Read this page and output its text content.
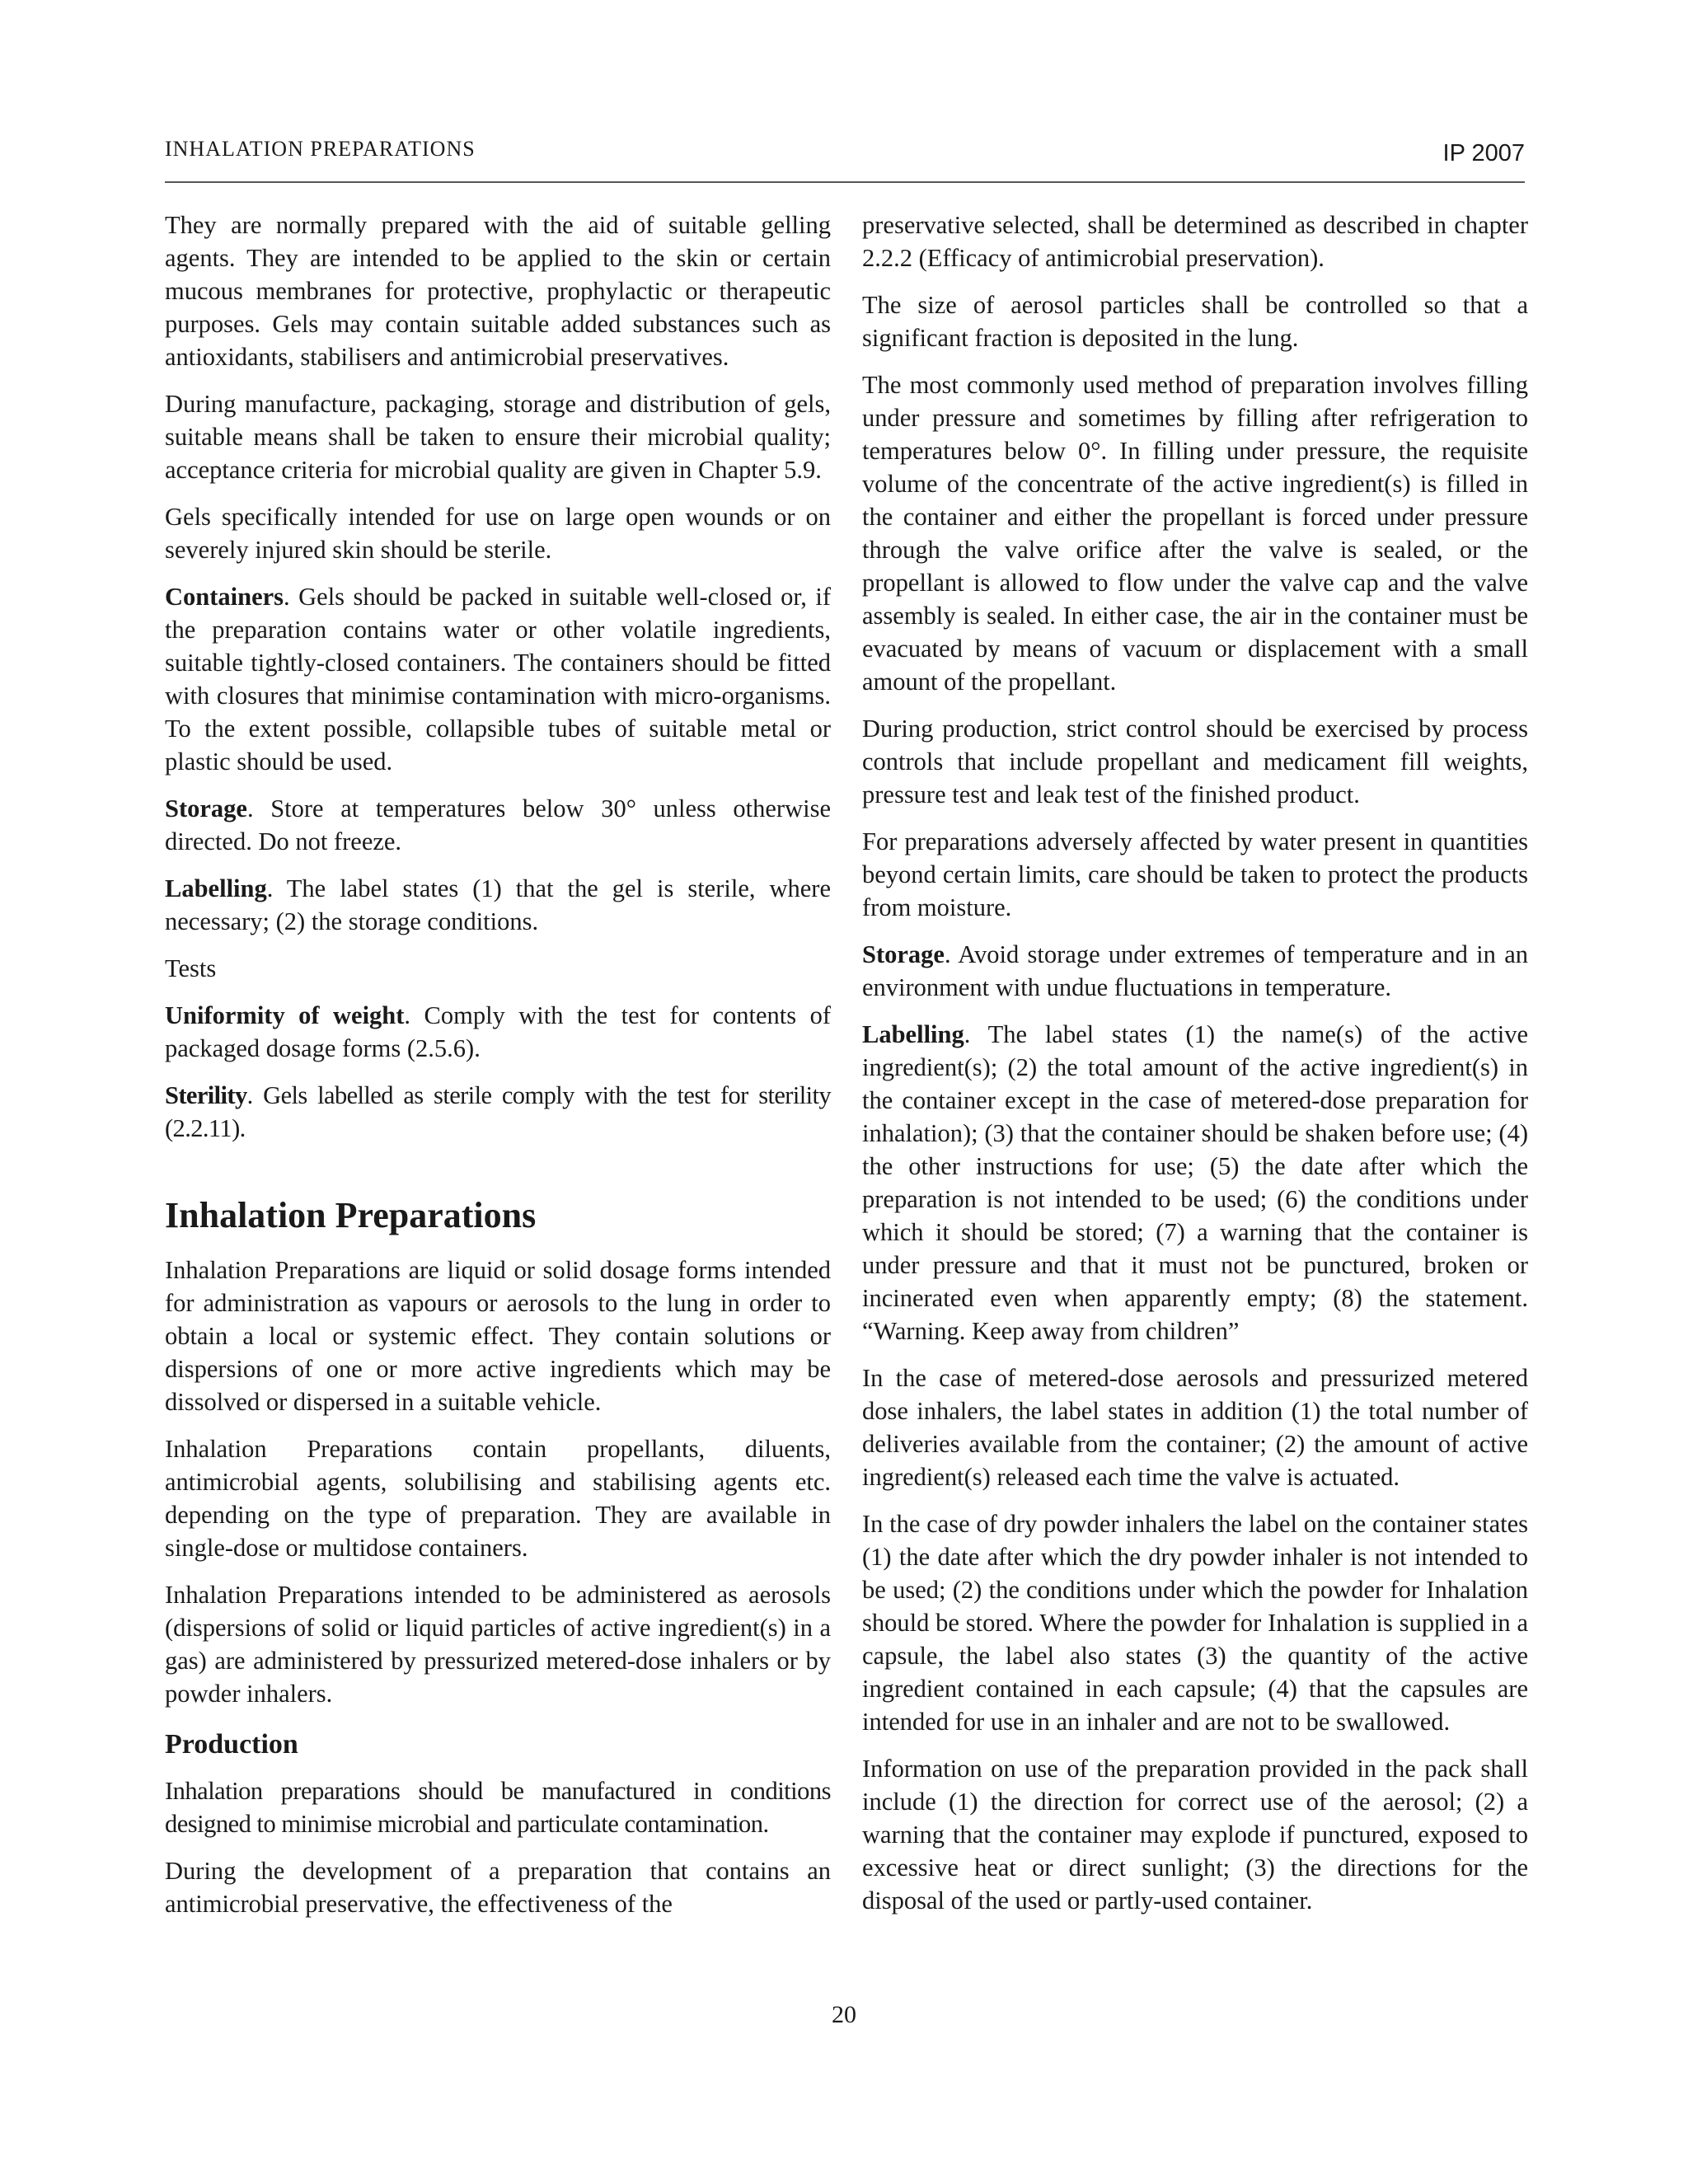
INHALATION PREPARATIONS	IP 2007

They are normally prepared with the aid of suitable gelling agents. They are intended to be applied to the skin or certain mucous membranes for protective, prophylactic or therapeutic purposes. Gels may contain suitable added substances such as antioxidants, stabilisers and antimicrobial preservatives.

During manufacture, packaging, storage and distribution of gels, suitable means shall be taken to ensure their microbial quality; acceptance criteria for microbial quality are given in Chapter 5.9.

Gels specifically intended for use on large open wounds or on severely injured skin should be sterile.

Containers. Gels should be packed in suitable well-closed or, if the preparation contains water or other volatile ingredients, suitable tightly-closed containers. The containers should be fitted with closures that minimise contamination with micro-organisms. To the extent possible, collapsible tubes of suitable metal or plastic should be used.

Storage. Store at temperatures below 30° unless otherwise directed. Do not freeze.

Labelling. The label states (1) that the gel is sterile, where necessary; (2) the storage conditions.

Tests

Uniformity of weight. Comply with the test for contents of packaged dosage forms (2.5.6).

Sterility. Gels labelled as sterile comply with the test for sterility (2.2.11).

Inhalation Preparations

Inhalation Preparations are liquid or solid dosage forms intended for administration as vapours or aerosols to the lung in order to obtain a local or systemic effect. They contain solutions or dispersions of one or more active ingredients which may be dissolved or dispersed in a suitable vehicle.

Inhalation Preparations contain propellants, diluents, antimicrobial agents, solubilising and stabilising agents etc. depending on the type of preparation. They are available in single-dose or multidose containers.

Inhalation Preparations intended to be administered as aerosols (dispersions of solid or liquid particles of active ingredient(s) in a gas) are administered by pressurized metered-dose inhalers or by powder inhalers.

Production

Inhalation preparations should be manufactured in conditions designed to minimise microbial and particulate contamination.

During the development of a preparation that contains an antimicrobial preservative, the effectiveness of the

preservative selected, shall be determined as described in chapter 2.2.2 (Efficacy of antimicrobial preservation).

The size of aerosol particles shall be controlled so that a significant fraction is deposited in the lung.

The most commonly used method of preparation involves filling under pressure and sometimes by filling after refrigeration to temperatures below 0°. In filling under pressure, the requisite volume of the concentrate of the active ingredient(s) is filled in the container and either the propellant is forced under pressure through the valve orifice after the valve is sealed, or the propellant is allowed to flow under the valve cap and the valve assembly is sealed. In either case, the air in the container must be evacuated by means of vacuum or displacement with a small amount of the propellant.

During production, strict control should be exercised by process controls that include propellant and medicament fill weights, pressure test and leak test of the finished product.

For preparations adversely affected by water present in quantities beyond certain limits, care should be taken to protect the products from moisture.

Storage. Avoid storage under extremes of temperature and in an environment with undue fluctuations in temperature.

Labelling. The label states (1) the name(s) of the active ingredient(s); (2) the total amount of the active ingredient(s) in the container except in the case of metered-dose preparation for inhalation); (3) that the container should be shaken before use; (4) the other instructions for use; (5) the date after which the preparation is not intended to be used; (6) the conditions under which it should be stored; (7) a warning that the container is under pressure and that it must not be punctured, broken or incinerated even when apparently empty; (8) the statement. “Warning. Keep away from children”

In the case of metered-dose aerosols and pressurized metered dose inhalers, the label states in addition (1) the total number of deliveries available from the container; (2) the amount of active ingredient(s) released each time the valve is actuated.

In the case of dry powder inhalers the label on the container states (1) the date after which the dry powder inhaler is not intended to be used; (2) the conditions under which the powder for Inhalation should be stored. Where the powder for Inhalation is supplied in a capsule, the label also states (3) the quantity of the active ingredient contained in each capsule; (4) that the capsules are intended for use in an inhaler and are not to be swallowed.

Information on use of the preparation provided in the pack shall include (1) the direction for correct use of the aerosol; (2) a warning that the container may explode if punctured, exposed to excessive heat or direct sunlight; (3) the directions for the disposal of the used or partly-used container.

20
